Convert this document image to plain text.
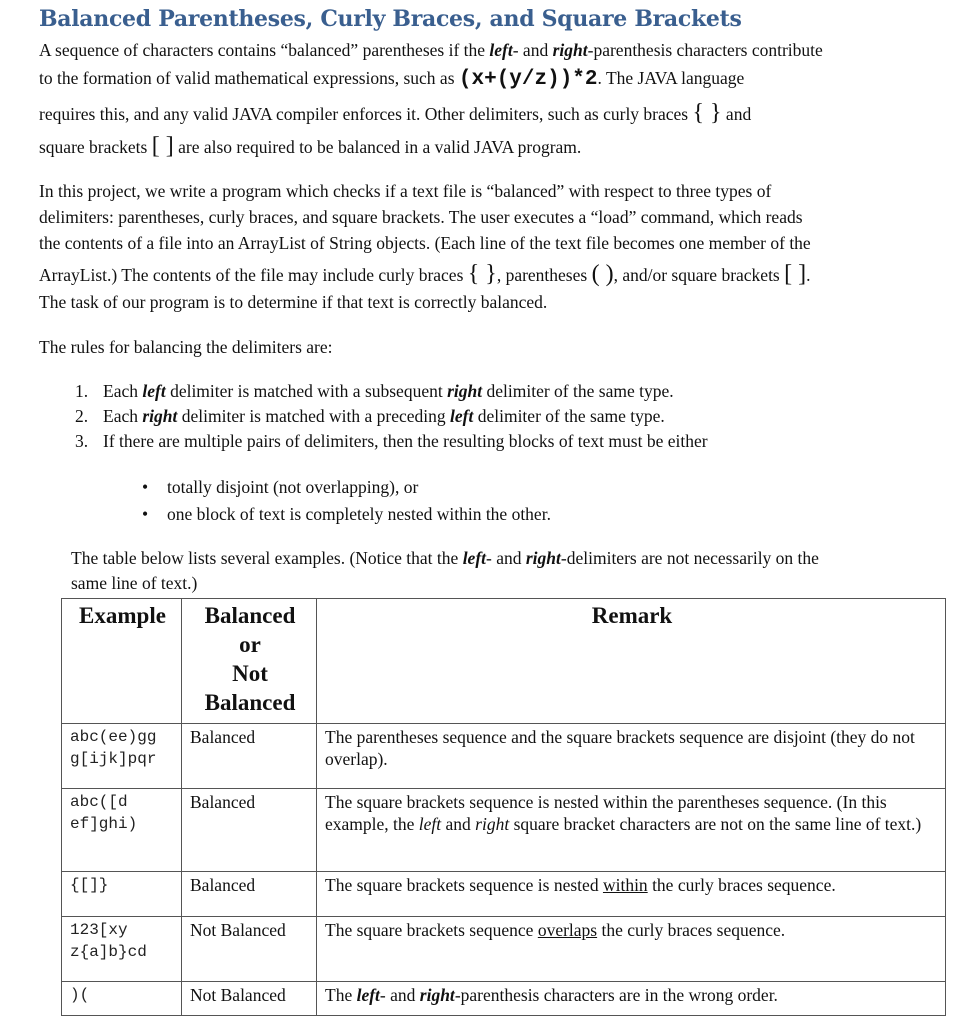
Balanced Parentheses, Curly Braces, and Square Brackets
A sequence of characters contains “balanced” parentheses if the left- and right-parenthesis characters contribute
to the formation of valid mathematical expressions, such as (x+(y/z))*2. The JAVA language
requires this, and any valid JAVA compiler enforces it. Other delimiters, such as curly braces { } and
square brackets [ ] are also required to be balanced in a valid JAVA program.
In this project, we write a program which checks if a text file is “balanced” with respect to three types of
delimiters: parentheses, curly braces, and square brackets. The user executes a “load” command, which reads
the contents of a file into an ArrayList of String objects. (Each line of the text file becomes one member of the
ArrayList.) The contents of the file may include curly braces { }, parentheses ( ), and/or square brackets [ ].
The task of our program is to determine if that text is correctly balanced.
The rules for balancing the delimiters are:
1. Each left delimiter is matched with a subsequent right delimiter of the same type.
2. Each right delimiter is matched with a preceding left delimiter of the same type.
3. If there are multiple pairs of delimiters, then the resulting blocks of text must be either
• totally disjoint (not overlapping), or
• one block of text is completely nested within the other.
The table below lists several examples. (Notice that the left- and right-delimiters are not necessarily on the
same line of text.)
Example	Balanced
or
Not
Balanced	Remark
abc(ee)gg
g[ijk]pqr	Balanced	The parentheses sequence and the square brackets sequence are disjoint (they do not overlap).
abc([d
ef]ghi)	Balanced	The square brackets sequence is nested within the parentheses sequence. (In this example, the left and right square bracket characters are not on the same line of text.)
{[]}	Balanced	The square brackets sequence is nested within the curly braces sequence.
123[xy
z{a]b}cd	Not Balanced	The square brackets sequence overlaps the curly braces sequence.
)(	Not Balanced	The left- and right-parenthesis characters are in the wrong order.
